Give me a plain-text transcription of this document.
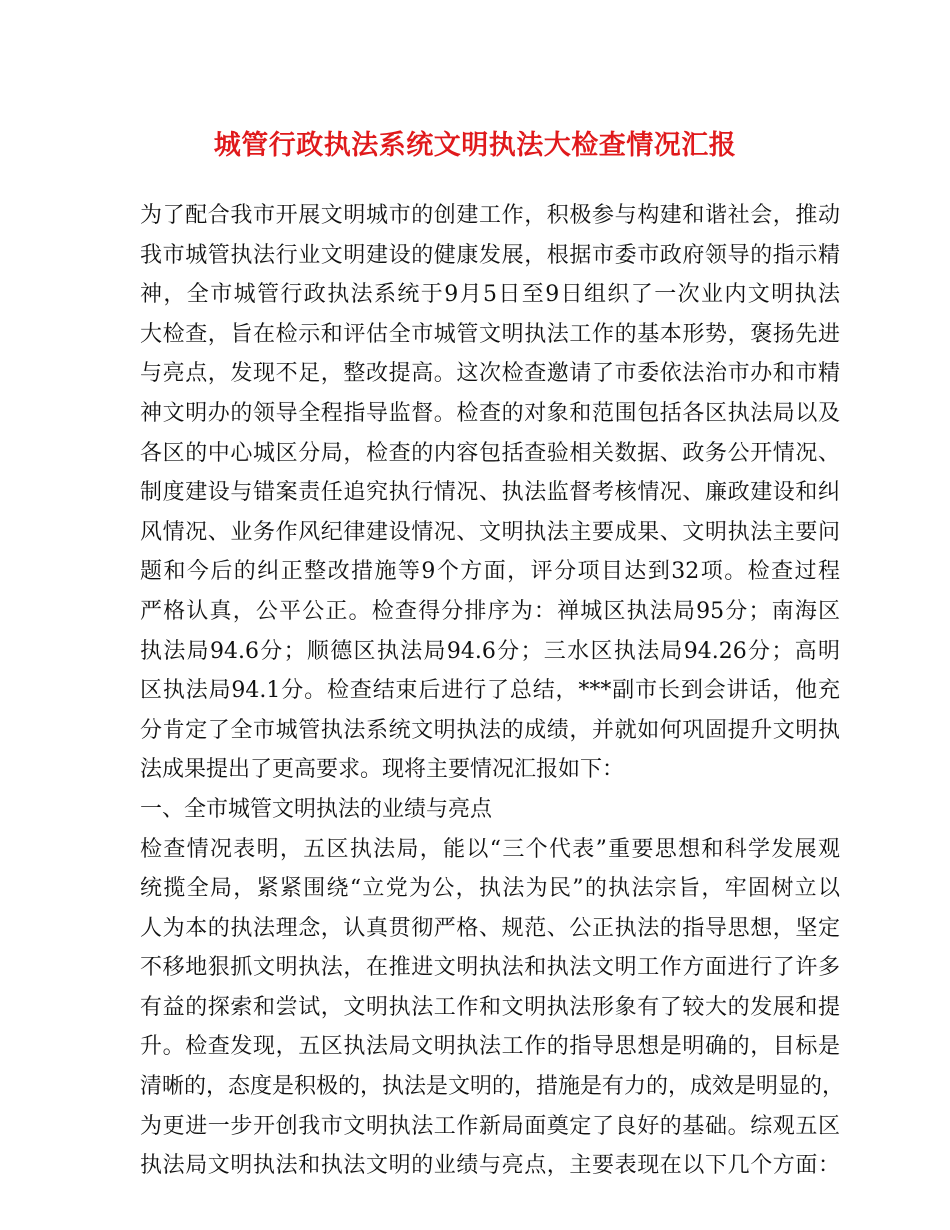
城管行政执法系统文明执法大检查情况汇报
为了配合我市开展文明城市的创建工作，积极参与构建和谐社会，推动
我市城管执法行业文明建设的健康发展，根据市委市政府领导的指示精
神，全市城管行政执法系统于9月5日至9日组织了一次业内文明执法
大检查，旨在检示和评估全市城管文明执法工作的基本形势，褒扬先进
与亮点，发现不足，整改提高。这次检查邀请了市委依法治市办和市精
神文明办的领导全程指导监督。检查的对象和范围包括各区执法局以及
各区的中心城区分局，检查的内容包括查验相关数据、政务公开情况、
制度建设与错案责任追究执行情况、执法监督考核情况、廉政建设和纠
风情况、业务作风纪律建设情况、文明执法主要成果、文明执法主要问
题和今后的纠正整改措施等9个方面，评分项目达到32项。检查过程
严格认真，公平公正。检查得分排序为：禅城区执法局95分；南海区
执法局94.6分；顺德区执法局94.6分；三水区执法局94.26分；高明
区执法局94.1分。检查结束后进行了总结，***副市长到会讲话，他充
分肯定了全市城管执法系统文明执法的成绩，并就如何巩固提升文明执
法成果提出了更高要求。现将主要情况汇报如下：
一、全市城管文明执法的业绩与亮点
检查情况表明，五区执法局，能以“三个代表”重要思想和科学发展观
统揽全局，紧紧围绕“立党为公，执法为民”的执法宗旨，牢固树立以
人为本的执法理念，认真贯彻严格、规范、公正执法的指导思想，坚定
不移地狠抓文明执法，在推进文明执法和执法文明工作方面进行了许多
有益的探索和尝试，文明执法工作和文明执法形象有了较大的发展和提
升。检查发现，五区执法局文明执法工作的指导思想是明确的，目标是
清晰的，态度是积极的，执法是文明的，措施是有力的，成效是明显的，
为更进一步开创我市文明执法工作新局面奠定了良好的基础。综观五区
执法局文明执法和执法文明的业绩与亮点，主要表现在以下几个方面：
